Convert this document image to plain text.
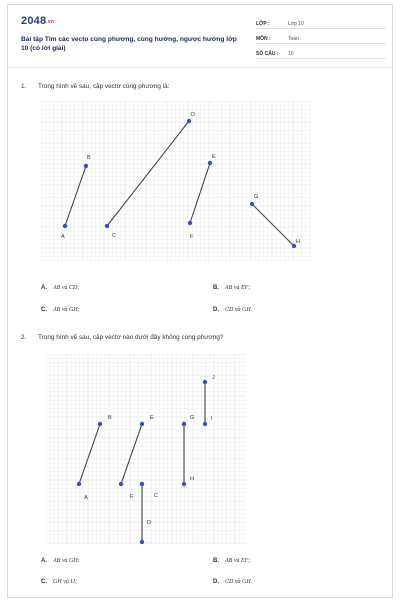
$2048^{.vn}$
Bài tập Tìm các vecto cùng phương, cùng hướng, ngược hướng lớp 10 (có lời giải)
LỚP :	Lớp 10
MÔN :	Toán
SỐ CÂU : 10
1. Trong hình vẽ sau, cặp vectơ cùng phương là:
A
B
C
D
F
E
G
H
A. AB và CD;	B. AB và EF;
C. AB và GH;	D. CD và GH.
2. Trong hình vẽ sau, cặp vectơ nào dưới đây không cùng phương?
A
B
F
E
C
D
G
H
I
J
A. AB và GH;	B. AB và EF;
C. GH và IJ;	D. CD và GH.
